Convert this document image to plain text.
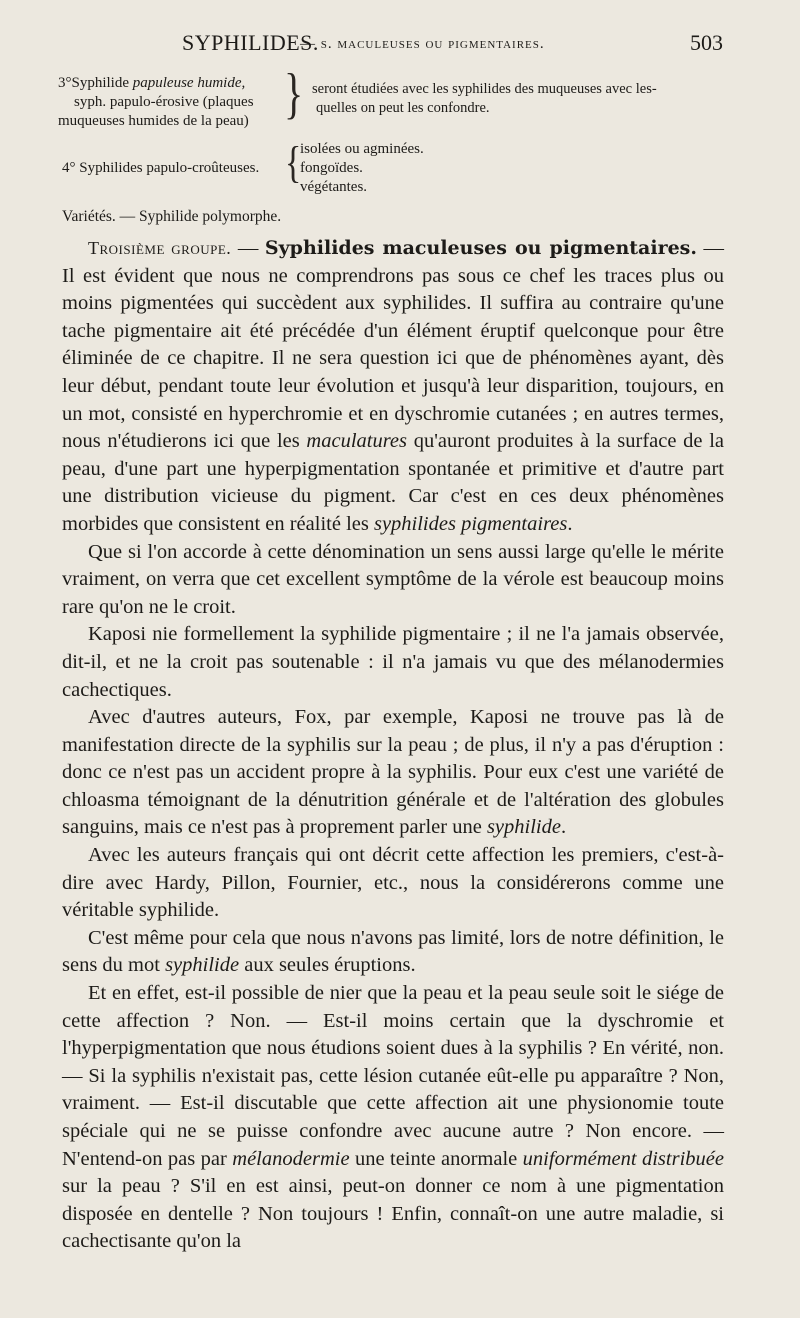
SYPHILIDES.
— s. maculeuses ou pigmentaires.	503
3°Syphilide papuleuse humide,
syph. papulo-érosive (plaques
muqueuses humides de la peau) } seront étudiées avec les syphilides des muqueuses avec les-
quelles on peut les confondre.
4° Syphilides papulo-croûteuses. {
isolées ou agminées.
fongoïdes.
végétantes.
Variétés. — Syphilide polymorphe.

Troisième groupe. — Syphilides maculeuses ou pigmentaires. — Il est évident que nous ne comprendrons pas sous ce chef les traces plus ou moins pigmentées qui succèdent aux syphilides. Il suffira au contraire qu'une tache pigmentaire ait été précédée d'un élément éruptif quelconque pour être éliminée de ce chapitre. Il ne sera question ici que de phénomènes ayant, dès leur début, pendant toute leur évolution et jusqu'à leur disparition, toujours, en un mot, consisté en hyperchromie et en dyschromie cutanées ; en autres termes, nous n'étudierons ici que les maculatures qu'auront produites à la surface de la peau, d'une part une hyperpigmentation spontanée et primitive et d'autre part une distribution vicieuse du pigment. Car c'est en ces deux phénomènes morbides que consistent en réalité les syphilides pigmentaires.

Que si l'on accorde à cette dénomination un sens aussi large qu'elle le mérite vraiment, on verra que cet excellent symptôme de la vérole est beaucoup moins rare qu'on ne le croit.

Kaposi nie formellement la syphilide pigmentaire ; il ne l'a jamais observée, dit-il, et ne la croit pas soutenable : il n'a jamais vu que des mélanodermies cachectiques.

Avec d'autres auteurs, Fox, par exemple, Kaposi ne trouve pas là de manifestation directe de la syphilis sur la peau ; de plus, il n'y a pas d'éruption : donc ce n'est pas un accident propre à la syphilis. Pour eux c'est une variété de chloasma témoignant de la dénutrition générale et de l'altération des globules sanguins, mais ce n'est pas à proprement parler une syphilide.

Avec les auteurs français qui ont décrit cette affection les premiers, c'est-à-dire avec Hardy, Pillon, Fournier, etc., nous la considérerons comme une véritable syphilide.

C'est même pour cela que nous n'avons pas limité, lors de notre définition, le sens du mot syphilide aux seules éruptions.

Et en effet, est-il possible de nier que la peau et la peau seule soit le siége de cette affection ? Non. — Est-il moins certain que la dyschromie et l'hyperpigmentation que nous étudions soient dues à la syphilis ? En vérité, non. — Si la syphilis n'existait pas, cette lésion cutanée eût-elle pu apparaître ? Non, vraiment. — Est-il discutable que cette affection ait une physionomie toute spéciale qui ne se puisse confondre avec aucune autre ? Non encore. — N'entend-on pas par mélanodermie une teinte anormale uniformément distribuée sur la peau ? S'il en est ainsi, peut-on donner ce nom à une pigmentation disposée en dentelle ? Non toujours ! Enfin, connaît-on une autre maladie, si cachectisante qu'on la
